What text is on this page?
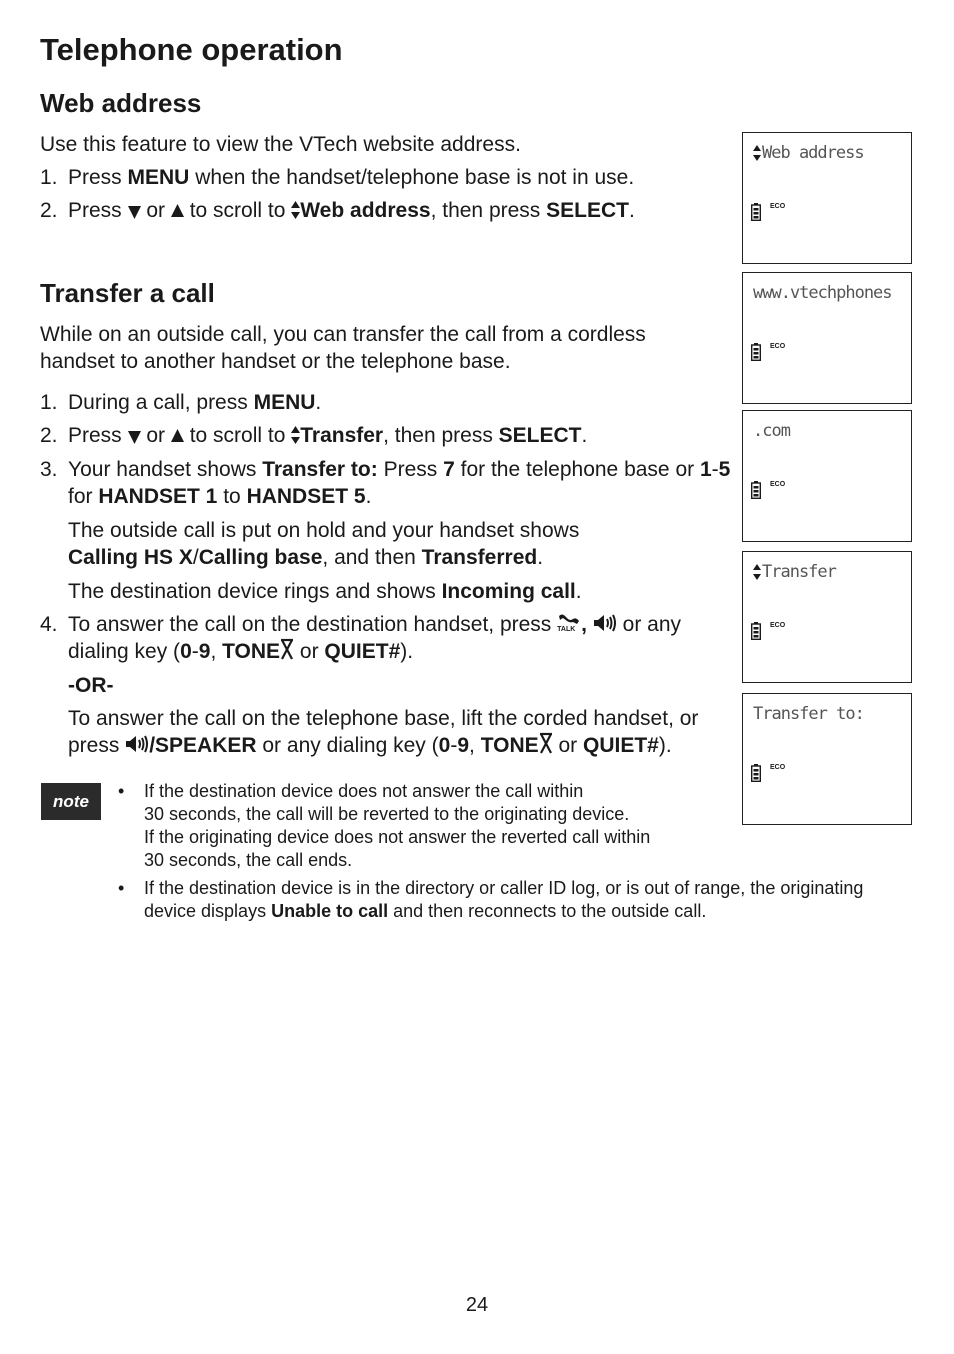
Telephone operation
Web address
Use this feature to view the VTech website address.
1. Press MENU when the handset/telephone base is not in use.
2. Press  or  to scroll to Web address, then press SELECT.
Transfer a call
While on an outside call, you can transfer the call from a cordless handset to another handset or the telephone base.
1. During a call, press MENU.
2. Press  or  to scroll to Transfer, then press SELECT.
3. Your handset shows Transfer to: Press 7 for the telephone base or 1-5 for HANDSET 1 to HANDSET 5.
The outside call is put on hold and your handset shows Calling HS X/Calling base, and then Transferred.
The destination device rings and shows Incoming call.
4. To answer the call on the destination handset, press TALK ,  or any dialing key (0-9, TONE or QUIET#).
-OR-
To answer the call on the telephone base, lift the corded handset, or press /SPEAKER or any dialing key (0-9, TONE or QUIET#).
note
• If the destination device does not answer the call within
30 seconds, the call will be reverted to the originating device.
If the originating device does not answer the reverted call within
30 seconds, the call ends.
• If the destination device is in the directory or caller ID log, or is out of range, the originating device displays Unable to call and then reconnects to the outside call.
Web address
ECO
www.vtechphones
ECO
.com
ECO
Transfer
ECO
Transfer to:
ECO
24
